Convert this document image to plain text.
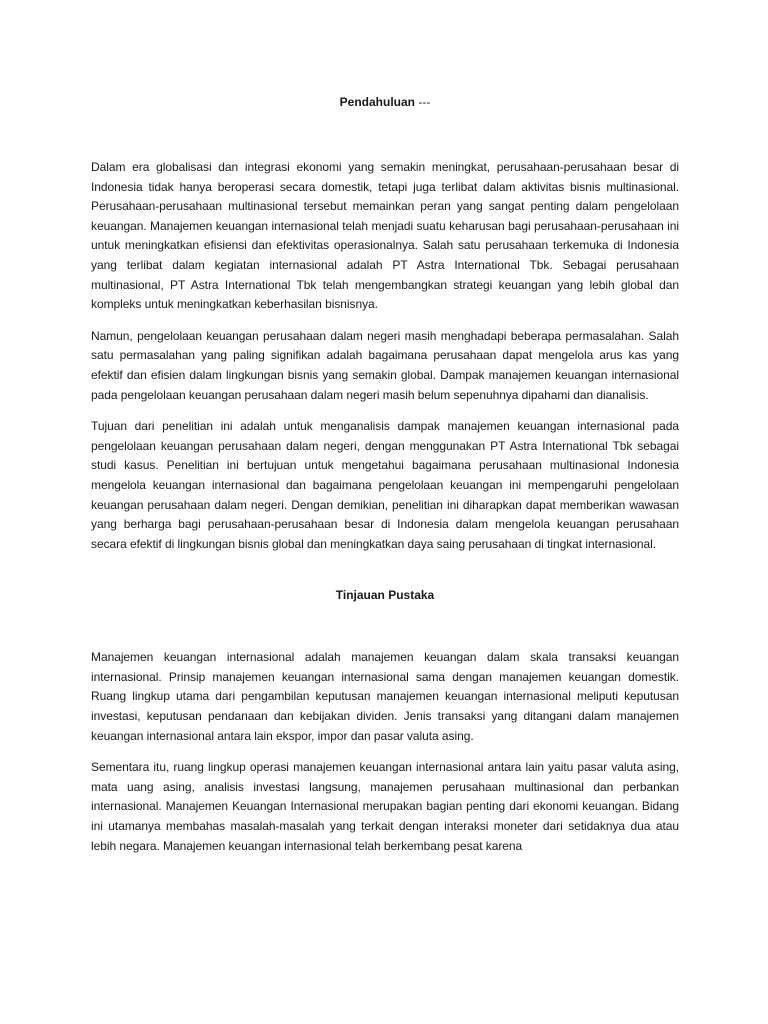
Pendahuluan ---

Dalam era globalisasi dan integrasi ekonomi yang semakin meningkat, perusahaan-perusahaan besar di Indonesia tidak hanya beroperasi secara domestik, tetapi juga terlibat dalam aktivitas bisnis multinasional. Perusahaan-perusahaan multinasional tersebut memainkan peran yang sangat penting dalam pengelolaan keuangan. Manajemen keuangan internasional telah menjadi suatu keharusan bagi perusahaan-perusahaan ini untuk meningkatkan efisiensi dan efektivitas operasionalnya. Salah satu perusahaan terkemuka di Indonesia yang terlibat dalam kegiatan internasional adalah PT Astra International Tbk. Sebagai perusahaan multinasional, PT Astra International Tbk telah mengembangkan strategi keuangan yang lebih global dan kompleks untuk meningkatkan keberhasilan bisnisnya.

Namun, pengelolaan keuangan perusahaan dalam negeri masih menghadapi beberapa permasalahan. Salah satu permasalahan yang paling signifikan adalah bagaimana perusahaan dapat mengelola arus kas yang efektif dan efisien dalam lingkungan bisnis yang semakin global. Dampak manajemen keuangan internasional pada pengelolaan keuangan perusahaan dalam negeri masih belum sepenuhnya dipahami dan dianalisis.

Tujuan dari penelitian ini adalah untuk menganalisis dampak manajemen keuangan internasional pada pengelolaan keuangan perusahaan dalam negeri, dengan menggunakan PT Astra International Tbk sebagai studi kasus. Penelitian ini bertujuan untuk mengetahui bagaimana perusahaan multinasional Indonesia mengelola keuangan internasional dan bagaimana pengelolaan keuangan ini mempengaruhi pengelolaan keuangan perusahaan dalam negeri. Dengan demikian, penelitian ini diharapkan dapat memberikan wawasan yang berharga bagi perusahaan-perusahaan besar di Indonesia dalam mengelola keuangan perusahaan secara efektif di lingkungan bisnis global dan meningkatkan daya saing perusahaan di tingkat internasional.

Tinjauan Pustaka

Manajemen keuangan internasional adalah manajemen keuangan dalam skala transaksi keuangan internasional. Prinsip manajemen keuangan internasional sama dengan manajemen keuangan domestik. Ruang lingkup utama dari pengambilan keputusan manajemen keuangan internasional meliputi keputusan investasi, keputusan pendanaan dan kebijakan dividen. Jenis transaksi yang ditangani dalam manajemen keuangan internasional antara lain ekspor, impor dan pasar valuta asing.

Sementara itu, ruang lingkup operasi manajemen keuangan internasional antara lain yaitu pasar valuta asing, mata uang asing, analisis investasi langsung, manajemen perusahaan multinasional dan perbankan internasional. Manajemen Keuangan Internasional merupakan bagian penting dari ekonomi keuangan. Bidang ini utamanya membahas masalah-masalah yang terkait dengan interaksi moneter dari setidaknya dua atau lebih negara. Manajemen keuangan internasional telah berkembang pesat karena
